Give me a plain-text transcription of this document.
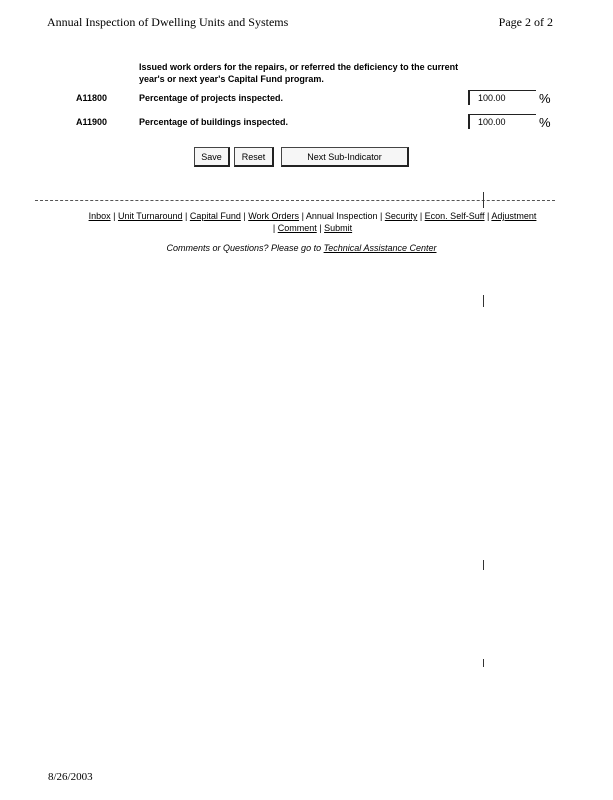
Annual Inspection of Dwelling Units and Systems	Page 2 of 2
Issued work orders for the repairs, or referred the deficiency to the current year's or next year's Capital Fund program.
A11800	Percentage of projects inspected.	100.00	%
A11900	Percentage of buildings inspected.	100.00	%
Save	Reset	Next Sub-Indicator
Inbox | Unit Turnaround | Capital Fund | Work Orders | Annual Inspection | Security | Econ. Self-Suff | Adjustment
| Comment | Submit
Comments or Questions? Please go to Technical Assistance Center
8/26/2003
